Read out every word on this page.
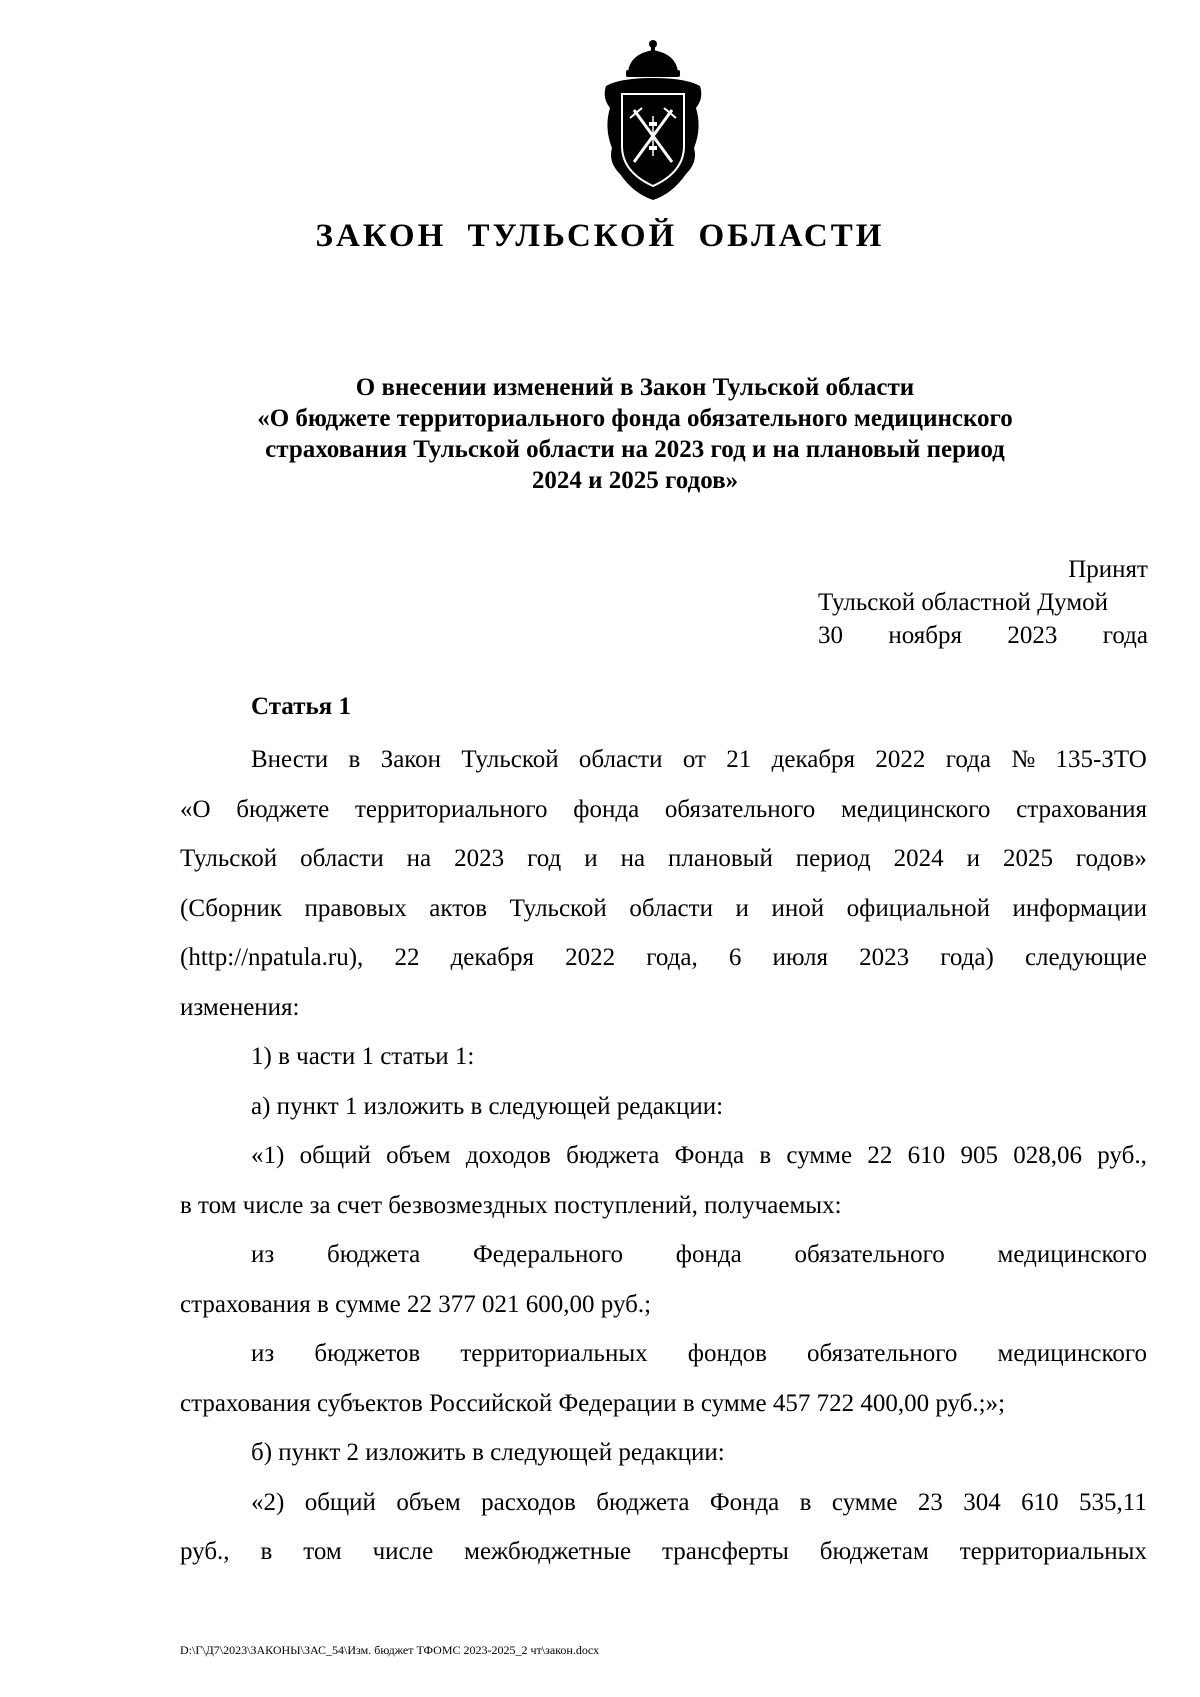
ЗАКОН ТУЛЬСКОЙ ОБЛАСТИ
О внесении изменений в Закон Тульской области
«О бюджете территориального фонда обязательного медицинского
страхования Тульской области на 2023 год и на плановый период
2024 и 2025 годов»
Принят
Тульской областной Думой
30 ноября 2023 года
Статья 1
Внести в Закон Тульской области от 21 декабря 2022 года № 135-ЗТО
«О бюджете территориального фонда обязательного медицинского страхования
Тульской области на 2023 год и на плановый период 2024 и 2025 годов»
(Сборник правовых актов Тульской области и иной официальной информации
(http://npatula.ru), 22 декабря 2022 года, 6 июля 2023 года) следующие
изменения:
1) в части 1 статьи 1:
а) пункт 1 изложить в следующей редакции:
«1) общий объем доходов бюджета Фонда в сумме 22 610 905 028,06 руб.,
в том числе за счет безвозмездных поступлений, получаемых:
из бюджета Федерального фонда обязательного медицинского
страхования в сумме 22 377 021 600,00 руб.;
из бюджетов территориальных фондов обязательного медицинского
страхования субъектов Российской Федерации в сумме 457 722 400,00 руб.;»;
б) пункт 2 изложить в следующей редакции:
«2) общий объем расходов бюджета Фонда в сумме 23 304 610 535,11
руб., в том числе межбюджетные трансферты бюджетам территориальных
D:\Г\Д7\2023\ЗАКОНЫ\ЗАС_54\Изм. бюджет ТФОМС 2023-2025_2 чт\закон.docx
